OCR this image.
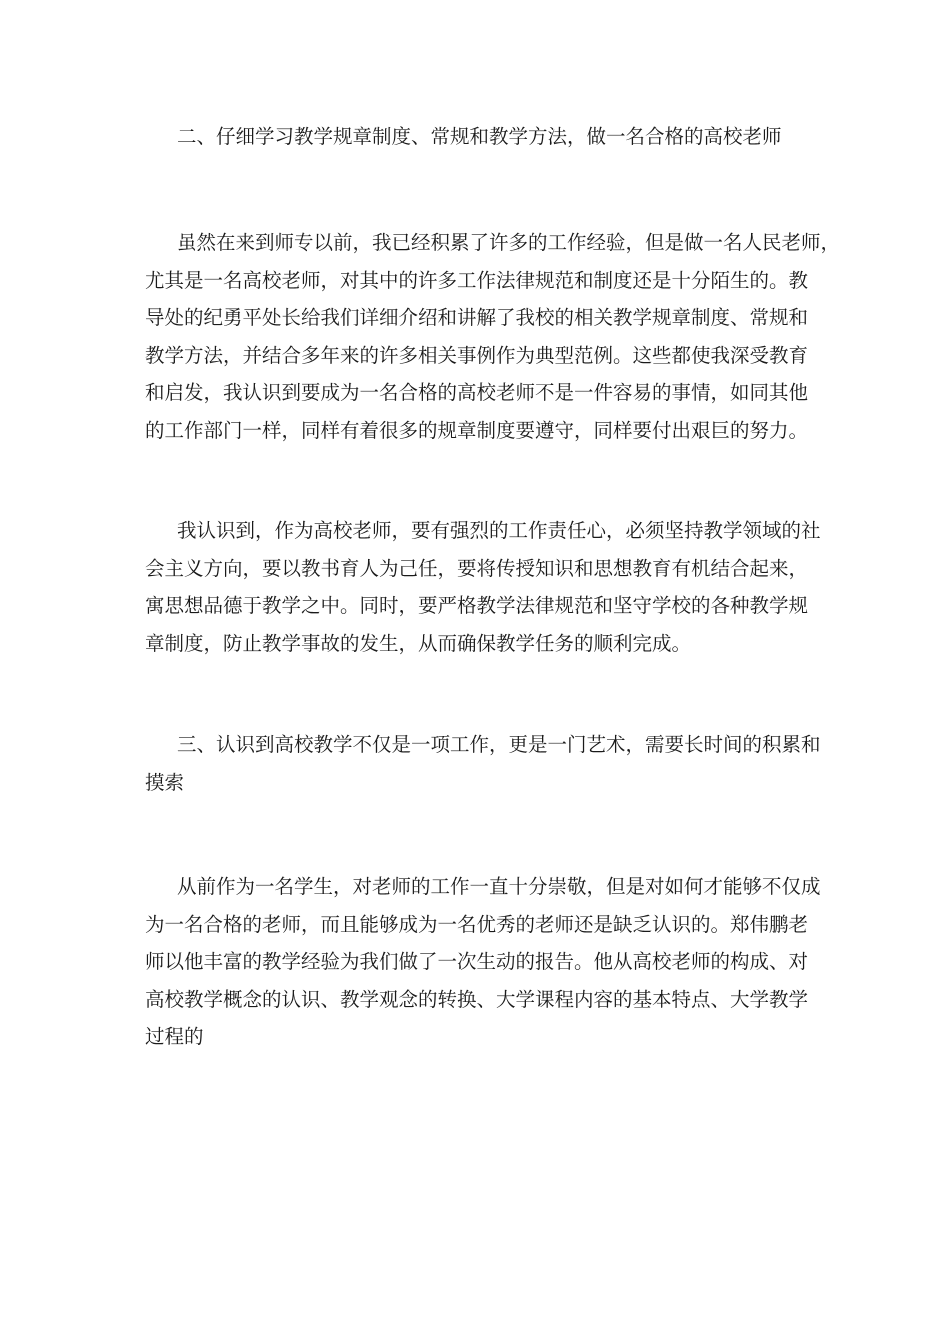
二、仔细学习教学规章制度、常规和教学方法，做一名合格的高校老师
虽然在来到师专以前，我已经积累了许多的工作经验，但是做一名人民老师，
尤其是一名高校老师，对其中的许多工作法律规范和制度还是十分陌生的。教
导处的纪勇平处长给我们详细介绍和讲解了我校的相关教学规章制度、常规和
教学方法，并结合多年来的许多相关事例作为典型范例。这些都使我深受教育
和启发，我认识到要成为一名合格的高校老师不是一件容易的事情，如同其他
的工作部门一样，同样有着很多的规章制度要遵守，同样要付出艰巨的努力。
我认识到，作为高校老师，要有强烈的工作责任心，必须坚持教学领域的社
会主义方向，要以教书育人为己任，要将传授知识和思想教育有机结合起来，
寓思想品德于教学之中。同时，要严格教学法律规范和坚守学校的各种教学规
章制度，防止教学事故的发生，从而确保教学任务的顺利完成。
三、认识到高校教学不仅是一项工作，更是一门艺术，需要长时间的积累和
摸索
从前作为一名学生，对老师的工作一直十分崇敬，但是对如何才能够不仅成
为一名合格的老师，而且能够成为一名优秀的老师还是缺乏认识的。郑伟鹏老
师以他丰富的教学经验为我们做了一次生动的报告。他从高校老师的构成、对
高校教学概念的认识、教学观念的转换、大学课程内容的基本特点、大学教学
过程的
